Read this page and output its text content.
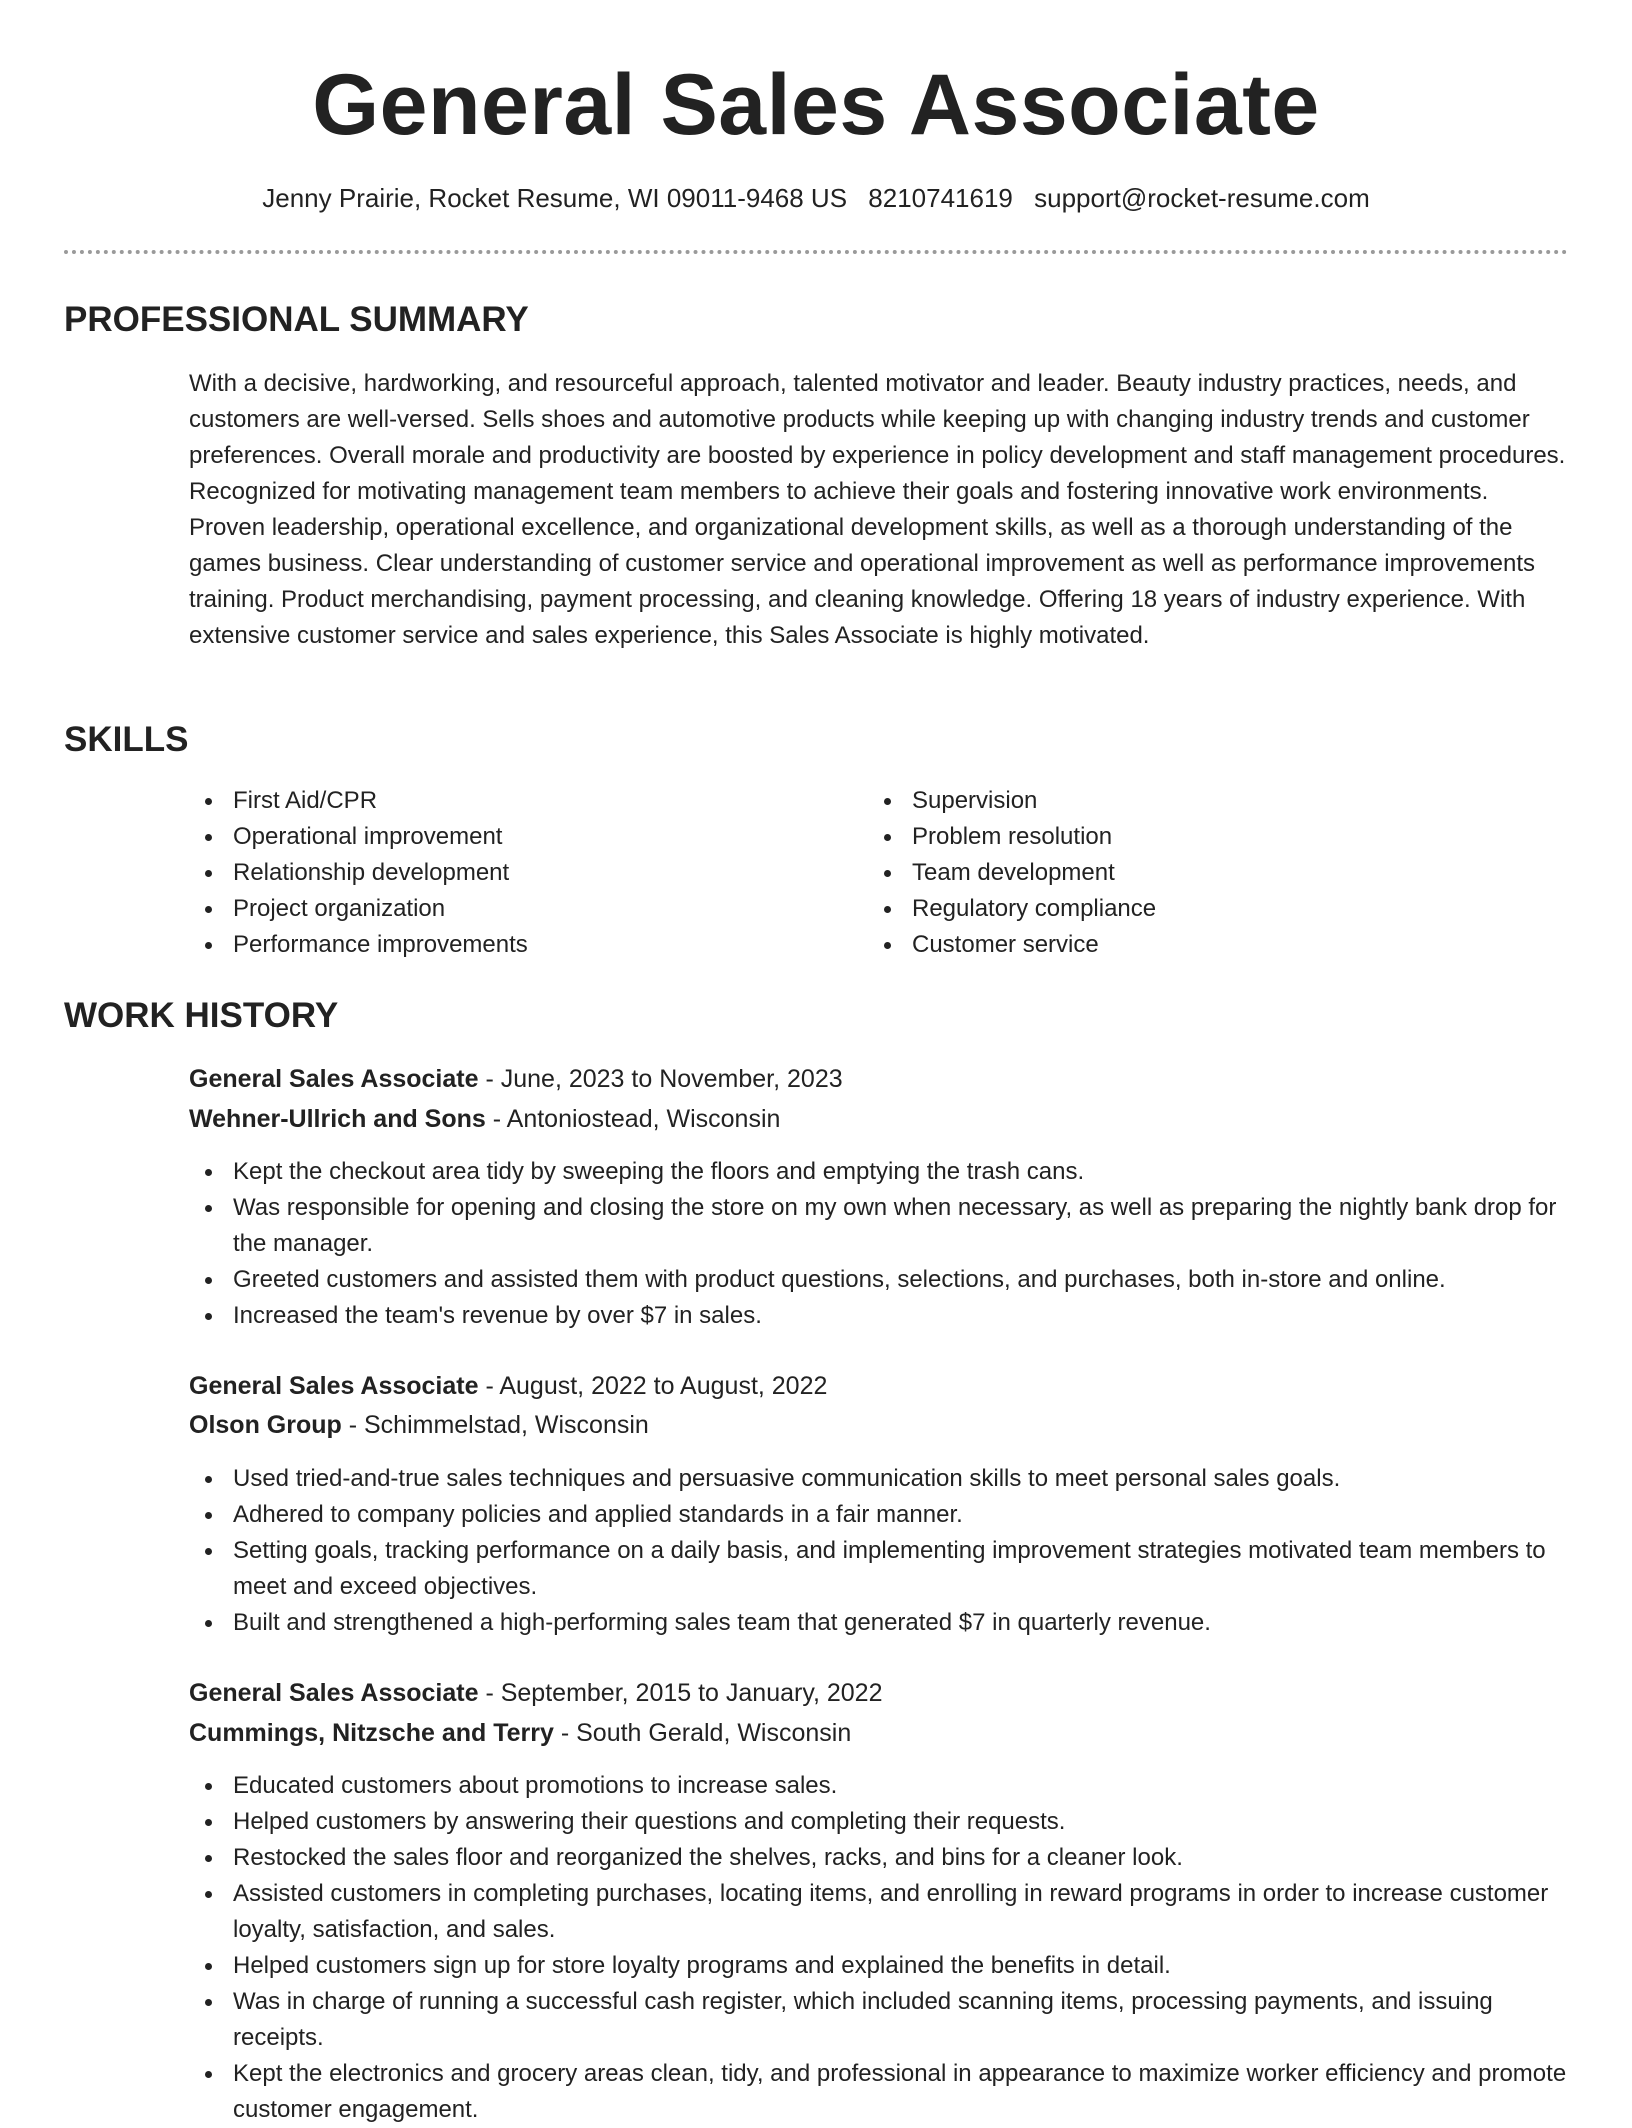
General Sales Associate
Jenny Prairie, Rocket Resume, WI 09011-9468 US 8210741619 support@rocket-resume.com
PROFESSIONAL SUMMARY

With a decisive, hardworking, and resourceful approach, talented motivator and leader. Beauty industry practices, needs, and customers are well-versed. Sells shoes and automotive products while keeping up with changing industry trends and customer preferences. Overall morale and productivity are boosted by experience in policy development and staff management procedures. Recognized for motivating management team members to achieve their goals and fostering innovative work environments. Proven leadership, operational excellence, and organizational development skills, as well as a thorough understanding of the games business. Clear understanding of customer service and operational improvement as well as performance improvements training. Product merchandising, payment processing, and cleaning knowledge. Offering 18 years of industry experience. With extensive customer service and sales experience, this Sales Associate is highly motivated.

SKILLS
First Aid/CPR
Operational improvement
Relationship development
Project organization
Performance improvements
Supervision
Problem resolution
Team development
Regulatory compliance
Customer service
WORK HISTORY
General Sales Associate - June, 2023 to November, 2023
Wehner-Ullrich and Sons - Antoniostead, Wisconsin
Kept the checkout area tidy by sweeping the floors and emptying the trash cans.
Was responsible for opening and closing the store on my own when necessary, as well as preparing the nightly bank drop for the manager.
Greeted customers and assisted them with product questions, selections, and purchases, both in-store and online.
Increased the team's revenue by over $7 in sales.
General Sales Associate - August, 2022 to August, 2022
Olson Group - Schimmelstad, Wisconsin
Used tried-and-true sales techniques and persuasive communication skills to meet personal sales goals.
Adhered to company policies and applied standards in a fair manner.
Setting goals, tracking performance on a daily basis, and implementing improvement strategies motivated team members to meet and exceed objectives.
Built and strengthened a high-performing sales team that generated $7 in quarterly revenue.
General Sales Associate - September, 2015 to January, 2022
Cummings, Nitzsche and Terry - South Gerald, Wisconsin
Educated customers about promotions to increase sales.
Helped customers by answering their questions and completing their requests.
Restocked the sales floor and reorganized the shelves, racks, and bins for a cleaner look.
Assisted customers in completing purchases, locating items, and enrolling in reward programs in order to increase customer loyalty, satisfaction, and sales.
Helped customers sign up for store loyalty programs and explained the benefits in detail.
Was in charge of running a successful cash register, which included scanning items, processing payments, and issuing receipts.
Kept the electronics and grocery areas clean, tidy, and professional in appearance to maximize worker efficiency and promote customer engagement.
